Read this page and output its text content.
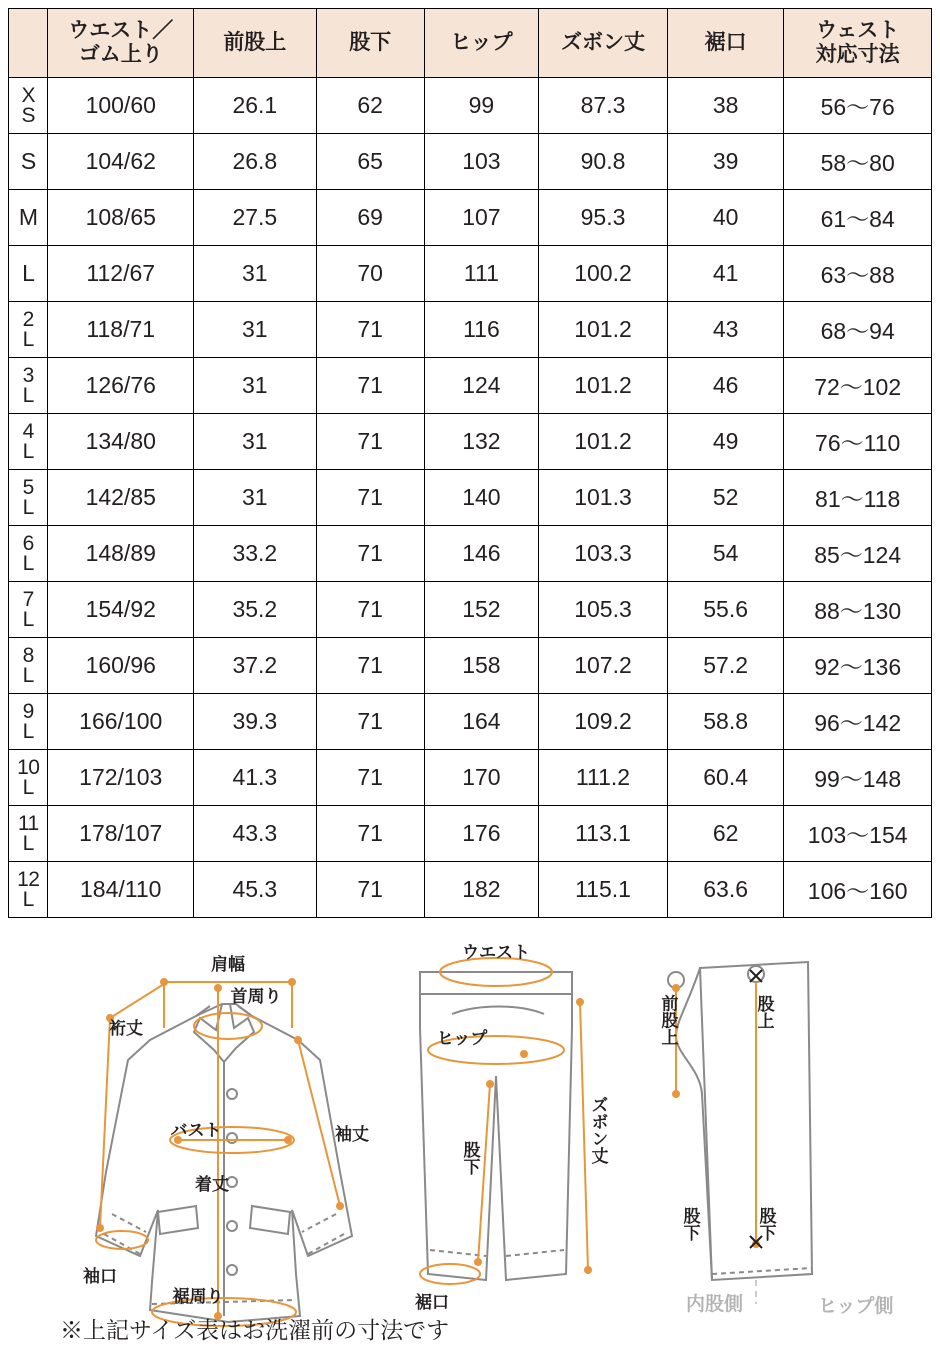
	ウエスト／
ゴム上り	前股上	股下	ヒップ	ズボン丈	裾口	ウェスト
対応寸法

X
S	100/60	26.1	62	99	87.3	38	56〜76
S	104/62	26.8	65	103	90.8	39	58〜80
M	108/65	27.5	69	107	95.3	40	61〜84
L	112/67	31	70	111	100.2	41	63〜88

2
L	118/71	31	71	116	101.2	43	68〜94

3
L	126/76	31	71	124	101.2	46	72〜102

4
L	134/80	31	71	132	101.2	49	76〜110

5
L	142/85	31	71	140	101.3	52	81〜118

6
L	148/89	33.2	71	146	103.3	54	85〜124

7
L	154/92	35.2	71	152	105.3	55.6	88〜130

8
L	160/96	37.2	71	158	107.2	57.2	92〜136

9
L	166/100	39.3	71	164	109.2	58.8	96〜142

10
L	172/103	41.3	71	170	111.2	60.4	99〜148

11
L	178/107	43.3	71	176	113.1	62	103〜154

12
L	184/110	45.3	71	182	115.1	63.6	106〜160
肩幅
首周り
裄丈
バスト	袖丈
着丈
袖口
裾周り
ウエスト
ヒップ
股下	ズボン丈
裾口
前股上	股上
股下	股下
内股側	ヒップ側
※上記サイズ表はお洗濯前の寸法です
